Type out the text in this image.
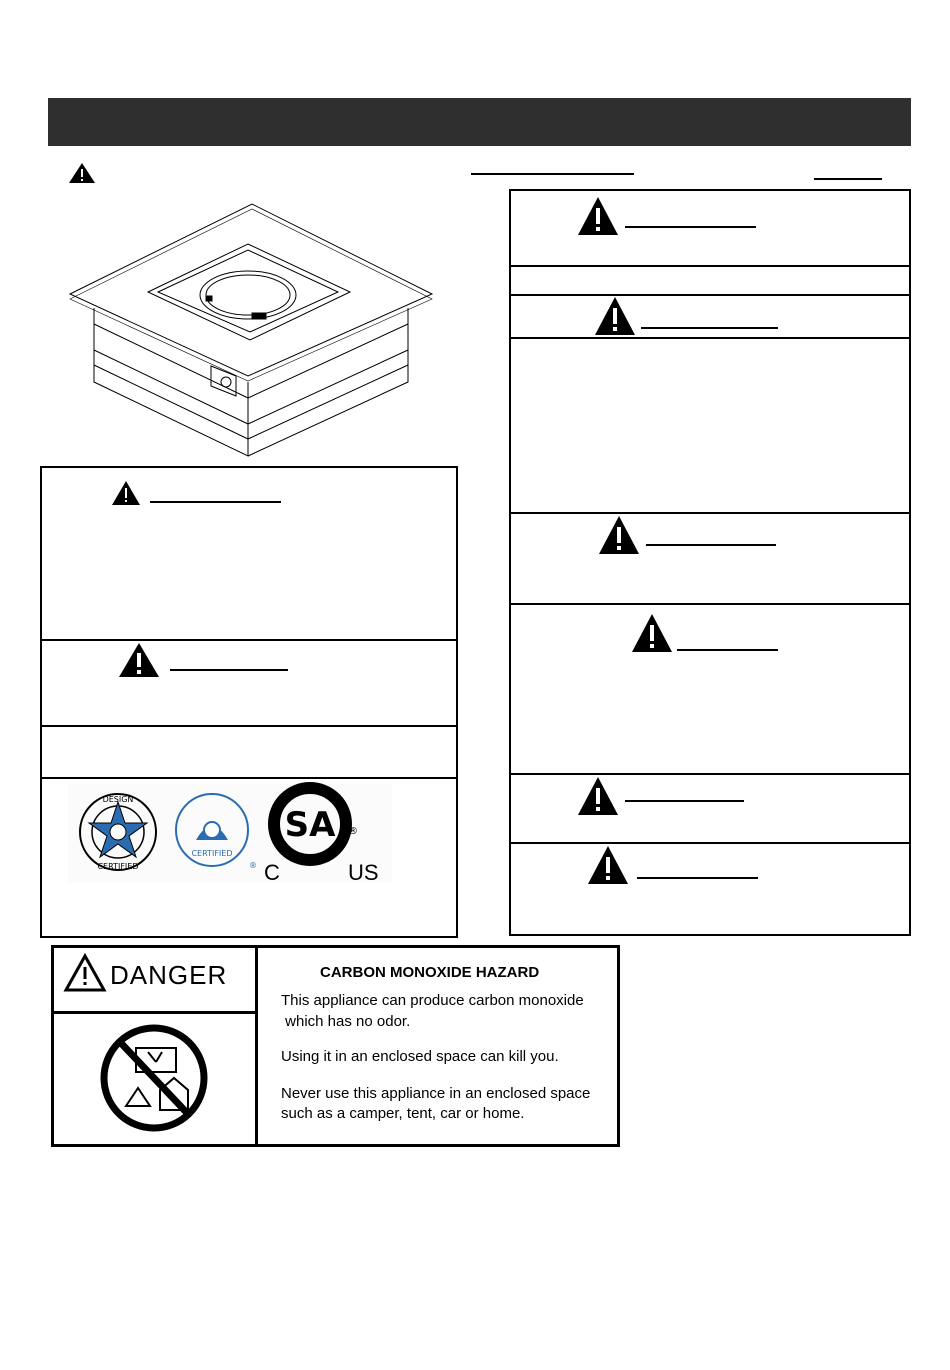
DESIGN
CERTIFIED
CERTIFIED
®
SA ®
C	US
DANGER	CARBON MONOXIDE HAZARD
This appliance can produce carbon monoxide
which has no odor.
Using it in an enclosed space can kill you.
Never use this appliance in an enclosed space
such as a camper, tent, car or home.
